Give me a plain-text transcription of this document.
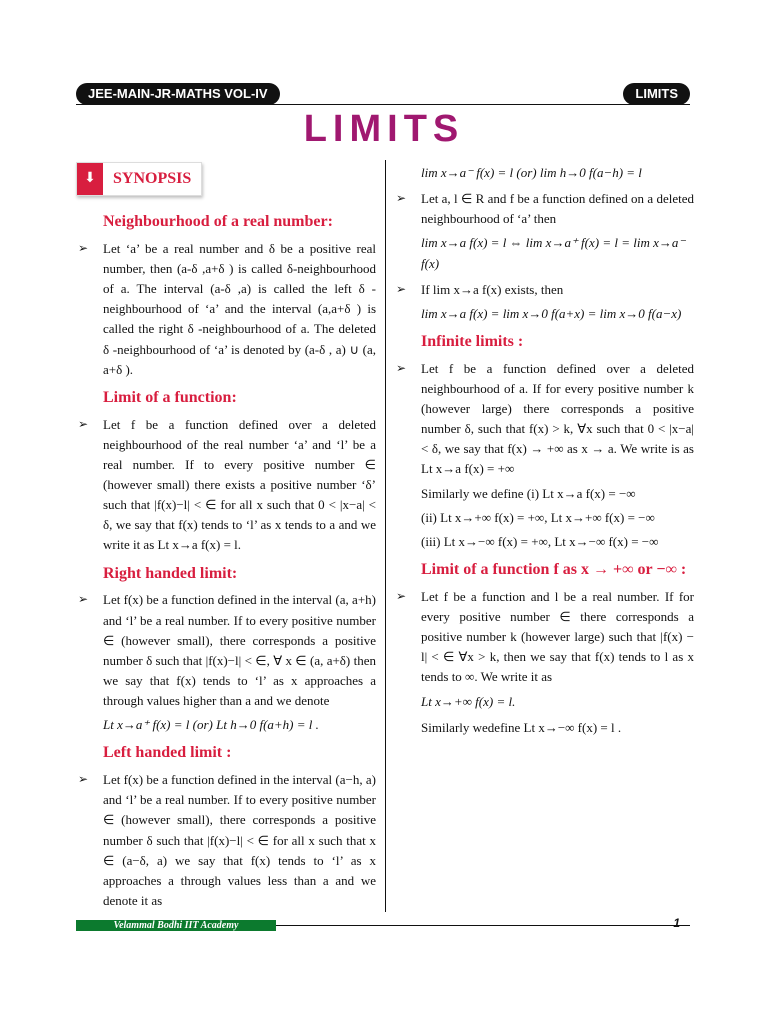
JEE-MAIN-JR-MATHS VOL-IV	LIMITS
LIMITS
⬇	SYNOPSIS
Neighbourhood of a real number:
➢ Let ‘a’ be a real number and δ be a positive real number, then (a-δ ,a+δ ) is called δ-neighbourhood of a. The interval (a-δ ,a) is called the left δ - neighbourhood of ‘a’ and the interval (a,a+δ ) is called the right δ -neighbourhood of a. The deleted δ -neighbourhood of ‘a’ is denoted by (a-δ , a) ∪ (a, a+δ ).
Limit of a function:
➢ Let f be a function defined over a deleted neighbourhood of the real number ‘a’ and ‘l’ be a real number. If to every positive number ∈ (however small) there exists a positive number ‘δ’ such that |f(x)−l| < ∈ for all x such that 0 < |x−a| < δ, we say that f(x) tends to ‘l’ as x tends to a and we write it as Lt x→a f(x) = l.
Right handed limit:
➢ Let f(x) be a function defined in the interval (a, a+h) and ‘l’ be a real number. If to every positive number ∈ (however small), there corresponds a positive number δ such that |f(x)−l| < ∈, ∀ x ∈ (a, a+δ) then we say that f(x) tends to ‘l’ as x approaches a through values higher than a and we denote
Lt x→a⁺ f(x) = l (or) Lt h→0 f(a+h) = l .
Left handed limit :
➢ Let f(x) be a function defined in the interval (a−h, a) and ‘l’ be a real number. If to every positive number ∈ (however small), there corresponds a positive number δ such that |f(x)−l| < ∈ for all x such that x ∈ (a−δ, a) we say that f(x) tends to ‘l’ as x approaches a through values less than a and we denote it as
lim x→a⁻ f(x) = l (or) lim h→0 f(a−h) = l
➢ Let a, l ∈ R and f be a function defined on a deleted neighbourhood of ‘a’ then
lim x→a f(x) = l ⇔ lim x→a⁺ f(x) = l = lim x→a⁻ f(x)
➢ If lim x→a f(x) exists, then
lim x→a f(x) = lim x→0 f(a+x) = lim x→0 f(a−x)
Infinite limits :
➢ Let f be a function defined over a deleted neighbourhood of a. If for every positive number k (however large) there corresponds a positive number δ, such that f(x) > k, ∀x such that 0 < |x−a| < δ, we say that f(x) → +∞ as x → a. We write is as Lt x→a f(x) = +∞
Similarly we define (i) Lt x→a f(x) = −∞
(ii) Lt x→+∞ f(x) = +∞, Lt x→+∞ f(x) = −∞
(iii) Lt x→−∞ f(x) = +∞, Lt x→−∞ f(x) = −∞
Limit of a function f as x → +∞ or −∞ :
➢ Let f be a function and l be a real number. If for every positive number ∈ there corresponds a positive number k (however large) such that |f(x) − l| < ∈ ∀x > k, then we say that f(x) tends to l as x tends to ∞. We write it as
Lt x→+∞ f(x) = l.
Similarly wedefine Lt x→−∞ f(x) = l .
Velammal Bodhi IIT Academy	1
